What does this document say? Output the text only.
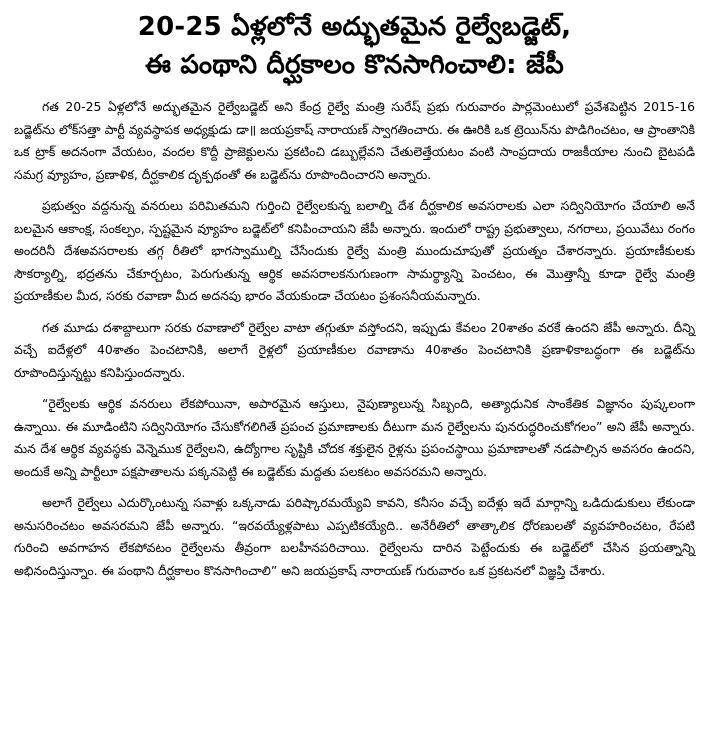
20-25 ఏళ్లలోనే అద్భుతమైన రైల్వేబడ్జెట్,
ఈ పంథాని దీర్ఘకాలం కొనసాగించాలి: జేపీ

గత 20-25 ఏళ్లలోనే అద్భుతమైన రైల్వేబడ్జెట్ అని కేంద్ర రైల్వే మంత్రి సురేష్ ప్రభు గురువారం పార్లమెంటులో ప్రవేశపెట్టిన 2015-16 బడ్జెట్‌ను లోక్‌సత్తా పార్టీ వ్యవస్థాపక అధ్యక్షుడు డా॥ జయప్రకాష్ నారాయణ్ స్వాగతించారు. ఈ ఊరికి ఒక ట్రెయిన్‌ను పొడిగించటం, ఆ ప్రాంతానికి ఒక ట్రాక్ అదనంగా వేయటం, వందల కొద్దీ ప్రాజెక్టులను ప్రకటించి డబ్బుల్లేవని చేతులెత్తేయటం వంటి సాంప్రదాయ రాజకీయాల నుంచి బైటపడి సమగ్ర వ్యూహం, ప్రణాళిక, దీర్ఘకాలిక దృక్పథంతో ఈ బడ్జెట్‌ను రూపొందించారని అన్నారు.

ప్రభుత్వం వద్దనున్న వనరులు పరిమితమని గుర్తించి రైల్వేలకున్న బలాల్ని దేశ దీర్ఘకాలిక అవసరాలకు ఎలా సద్వినియోగం చేయాలి అనే బలమైన ఆకాంక్ష, సంకల్పం, స్పష్టమైన వ్యూహం బడ్జెట్‌లో కనిపించాయని జేపీ అన్నారు. ఇందులో రాష్ట్ర ప్రభుత్వాలు, నగరాలు, ప్రయివేటు రంగం అందరినీ దేశఅవసరాలకు తగ్గ రీతిలో భాగస్వాముల్ని చేసేందుకు రైల్వే మంత్రి ముందుచూపుతో ప్రయత్నం చేశారన్నారు. ప్రయాణీకులకు సౌకర్యాల్ని, భద్రతను చేకూర్చటం, పెరుగుతున్న ఆర్థిక అవసరాలకనుగుణంగా సామర్థ్యాన్ని పెంచటం, ఈ మొత్తాన్నీ కూడా రైల్వే మంత్రి ప్రయాణీకుల మీద, సరకు రవాణా మీద అదనపు భారం వేయకుండా చేయటం ప్రశంసనీయమన్నారు.

గత మూడు దశాబ్దాలుగా సరకు రవాణాలో రైల్వేల వాటా తగ్గుతూ వస్తోందని, ఇప్పుడు కేవలం 20శాతం వరకే ఉందని జేపీ అన్నారు. దీన్ని వచ్చే ఐదేళ్లలో 40శాతం పెంచటానికి, అలాగే రైళ్లలో ప్రయాణీకుల రవాణాను 40శాతం పెంచటానికి ప్రణాళికాబద్ధంగా ఈ బడ్జెట్‌ను రూపొందిస్తున్నట్టు కనిపిస్తుందన్నారు.

“రైల్వేలకు ఆర్థిక వనరులు లేకపోయినా, అపారమైన ఆస్తులు, నైపుణ్యాలున్న సిబ్బంది, అత్యాధునిక సాంకేతిక విజ్ఞానం పుష్కలంగా ఉన్నాయి. ఈ మూడింటిని సద్వినియోగం చేసుకోగలిగితే ప్రపంచ ప్రమాణాలకు దీటుగా మన రైల్వేలను పునరుద్ధరించుకోగలం” అని జేపీ అన్నారు. మన దేశ ఆర్థిక వ్యవస్థకు వెన్నెముక రైల్వేలని, ఉద్యోగాల సృష్టికి చోదక శక్తులైన రైళ్లను ప్రపంచస్థాయి ప్రమాణాలతో నడపాల్సిన అవసరం ఉందని, అందుకే అన్ని పార్టీలూ పక్షపాతాలను పక్కనపెట్టి ఈ బడ్జెట్‌కు మద్దతు పలకటం అవసరమని అన్నారు.

అలాగే రైల్వేలు ఎదుర్కొంటున్న సవాళ్లు ఒక్కనాడు పరిష్కారమయ్యేవి కావని, కనీసం వచ్చే ఐదేళ్లు ఇదే మార్గాన్ని ఒడిదుడుకులు లేకుండా అనుసరించటం అవసరమని జేపీ అన్నారు. “ఇరవయ్యేళ్లపాటు ఎప్పటికయ్యేది.. అనేరీతిలో తాత్కాలిక ధోరణులతో వ్యవహరించటం, రేపటి గురించి అవగాహన లేకపోవటం రైల్వేలను తీవ్రంగా బలహీనపరిచాయి. రైల్వేలను దారిన పెట్టేందుకు ఈ బడ్జెట్‌లో చేసిన ప్రయత్నాన్ని అభినందిస్తున్నాం. ఈ పంథాని దీర్ఘకాలం కొనసాగించాలి” అని జయప్రకాష్ నారాయణ్ గురువారం ఒక ప్రకటనలో విజ్ఞప్తి చేశారు.
